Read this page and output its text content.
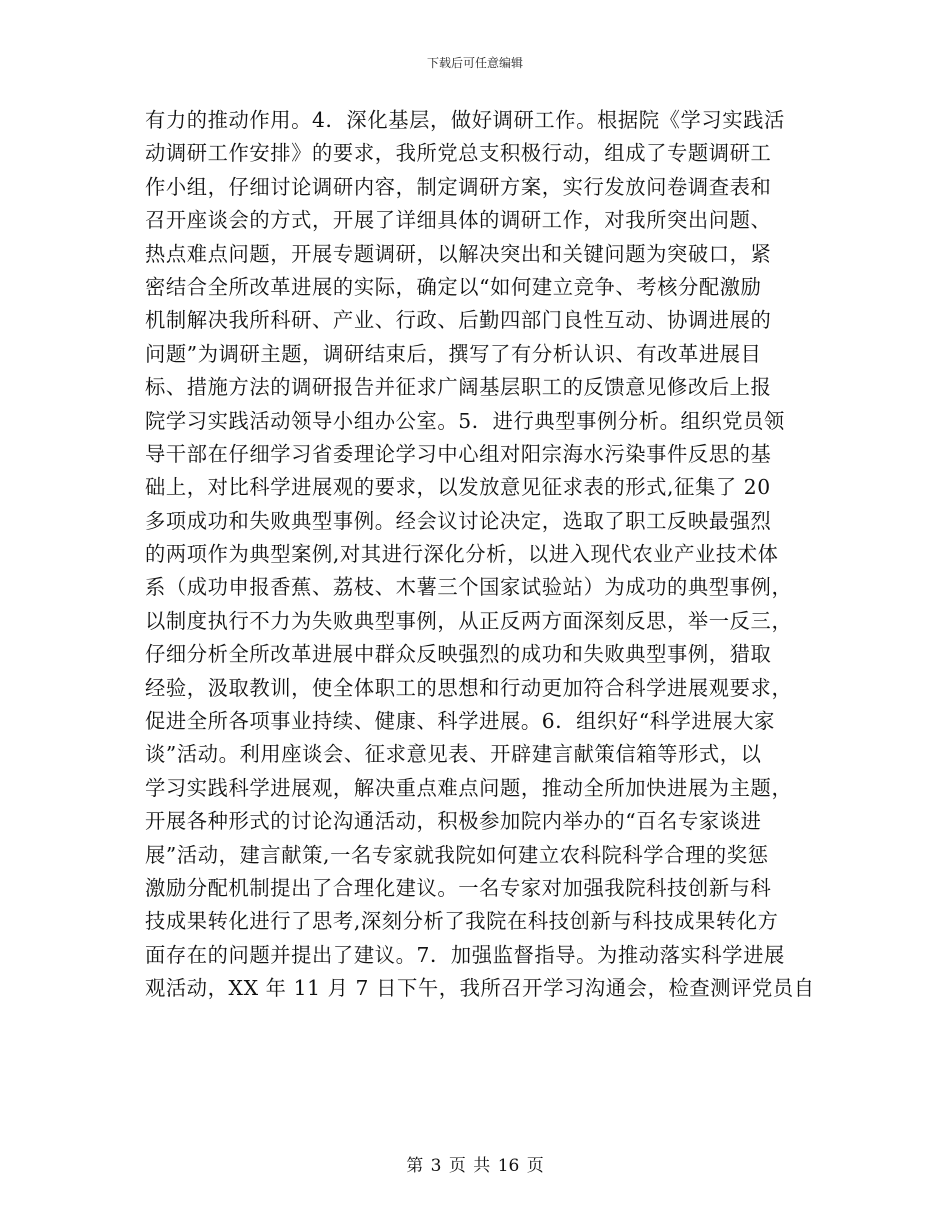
下载后可任意编辑
有力的推动作用。4．深化基层，做好调研工作。根据院《学习实践活
动调研工作安排》的要求，我所党总支积极行动，组成了专题调研工
作小组，仔细讨论调研内容，制定调研方案，实行发放问卷调查表和
召开座谈会的方式，开展了详细具体的调研工作，对我所突出问题、
热点难点问题，开展专题调研，以解决突出和关键问题为突破口，紧
密结合全所改革进展的实际，确定以“如何建立竞争、考核分配激励
机制解决我所科研、产业、行政、后勤四部门良性互动、协调进展的
问题”为调研主题，调研结束后，撰写了有分析认识、有改革进展目
标、措施方法的调研报告并征求广阔基层职工的反馈意见修改后上报
院学习实践活动领导小组办公室。5．进行典型事例分析。组织党员领
导干部在仔细学习省委理论学习中心组对阳宗海水污染事件反思的基
础上，对比科学进展观的要求，以发放意见征求表的形式,征集了 20
多项成功和失败典型事例。经会议讨论决定，选取了职工反映最强烈
的两项作为典型案例,对其进行深化分析，以进入现代农业产业技术体
系（成功申报香蕉、荔枝、木薯三个国家试验站）为成功的典型事例，
以制度执行不力为失败典型事例，从正反两方面深刻反思，举一反三，
仔细分析全所改革进展中群众反映强烈的成功和失败典型事例，猎取
经验，汲取教训，使全体职工的思想和行动更加符合科学进展观要求，
促进全所各项事业持续、健康、科学进展。6．组织好“科学进展大家
谈”活动。利用座谈会、征求意见表、开辟建言献策信箱等形式，以
学习实践科学进展观，解决重点难点问题，推动全所加快进展为主题，
开展各种形式的讨论沟通活动，积极参加院内举办的“百名专家谈进
展”活动，建言献策,一名专家就我院如何建立农科院科学合理的奖惩
激励分配机制提出了合理化建议。一名专家对加强我院科技创新与科
技成果转化进行了思考,深刻分析了我院在科技创新与科技成果转化方
面存在的问题并提出了建议。7．加强监督指导。为推动落实科学进展
观活动，XX 年 11 月 7 日下午，我所召开学习沟通会，检查测评党员自
第 3 页 共 16 页
